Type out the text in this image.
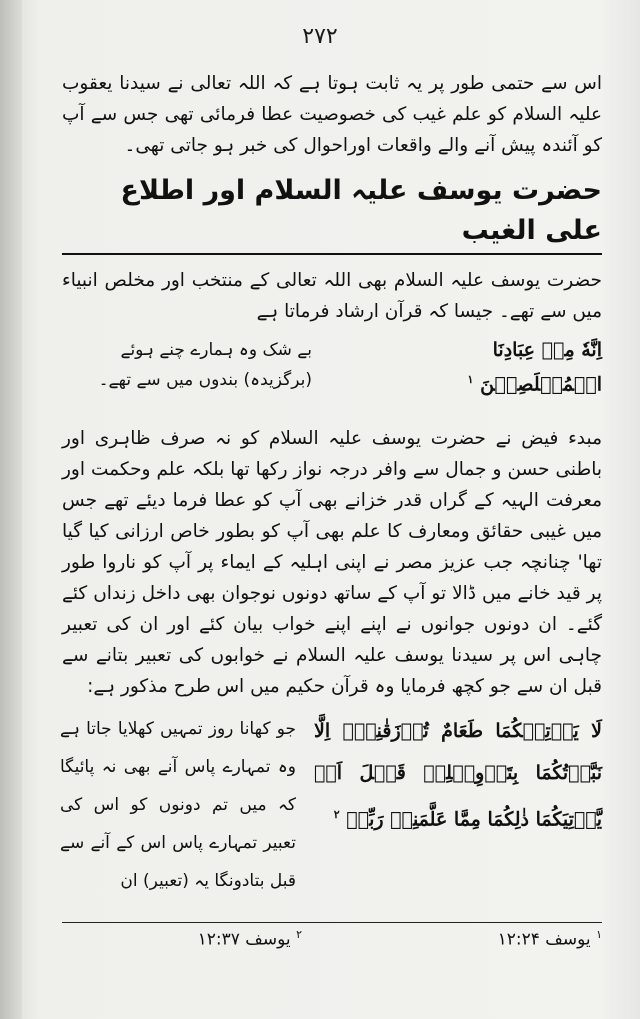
۲۷۲

اس سے حتمی طور پر یہ ثابت ہوتا ہے کہ اللہ تعالی نے سیدنا یعقوب علیہ السلام کو علم غیب کی خصوصیت عطا فرمائی تھی جس سے آپ کو آئندہ پیش آنے والے واقعات اوراحوال کی خبر ہو جاتی تھی۔

حضرت یوسف علیہ السلام اور اطلاع علی الغیب

حضرت یوسف علیہ السلام بھی اللہ تعالی کے منتخب اور مخلص انبیاء میں سے تھے۔ جیسا کہ قرآن ارشاد فرماتا ہے

اِنَّهٗ مِنۡ عِبَادِنَا الۡمُخۡلَصِيۡنَ $^۱$
بے شک وہ ہمارے چنے ہوئے (برگزیدہ) بندوں میں سے تھے۔

مبدء فیض نے حضرت یوسف علیہ السلام کو نہ صرف ظاہری اور باطنی حسن و جمال سے وافر درجہ نواز رکھا تھا بلکہ علم وحکمت اور معرفت الہیہ کے گراں قدر خزانے بھی آپ کو عطا فرما دیئے تھے جس میں غیبی حقائق ومعارف کا علم بھی آپ کو بطور خاص ارزانی کیا گیا تھا' چنانچہ جب عزیز مصر نے اپنی اہلیہ کے ایماء پر آپ کو ناروا طور پر قید خانے میں ڈالا تو آپ کے ساتھ دونوں نوجوان بھی داخل زنداں کئے گئے۔ ان دونوں جوانوں نے اپنے اپنے خواب بیان کئے اور ان کی تعبیر چاہی اس پر سیدنا یوسف علیہ السلام نے خوابوں کی تعبیر بتانے سے قبل ان سے جو کچھ فرمایا وہ قرآن حکیم میں اس طرح مذکور ہے:

لَا يَاۡتِيۡكُمَا طَعَامٌ تُرۡزَقٰنِهٖۤ اِلَّا نَبَّاۡتُكُمَا بِتَاۡوِيۡلِهٖ قَبۡلَ اَنۡ يَّاۡتِيَكُمَا ذٰلِكُمَا مِمَّا عَلَّمَنِىۡ رَبِّىۡ $^۲$
جو کھانا روز تمہیں کھلایا جاتا ہے وہ تمہارے پاس آنے بھی نہ پائیگا کہ میں تم دونوں کو اس کی تعبیر تمہارے پاس اس کے آنے سے قبل بتادونگا یہ (تعبیر) ان
$^۱$ یوسف ۱۲:۲۴
$^۲$ یوسف ۱۲:۳۷
